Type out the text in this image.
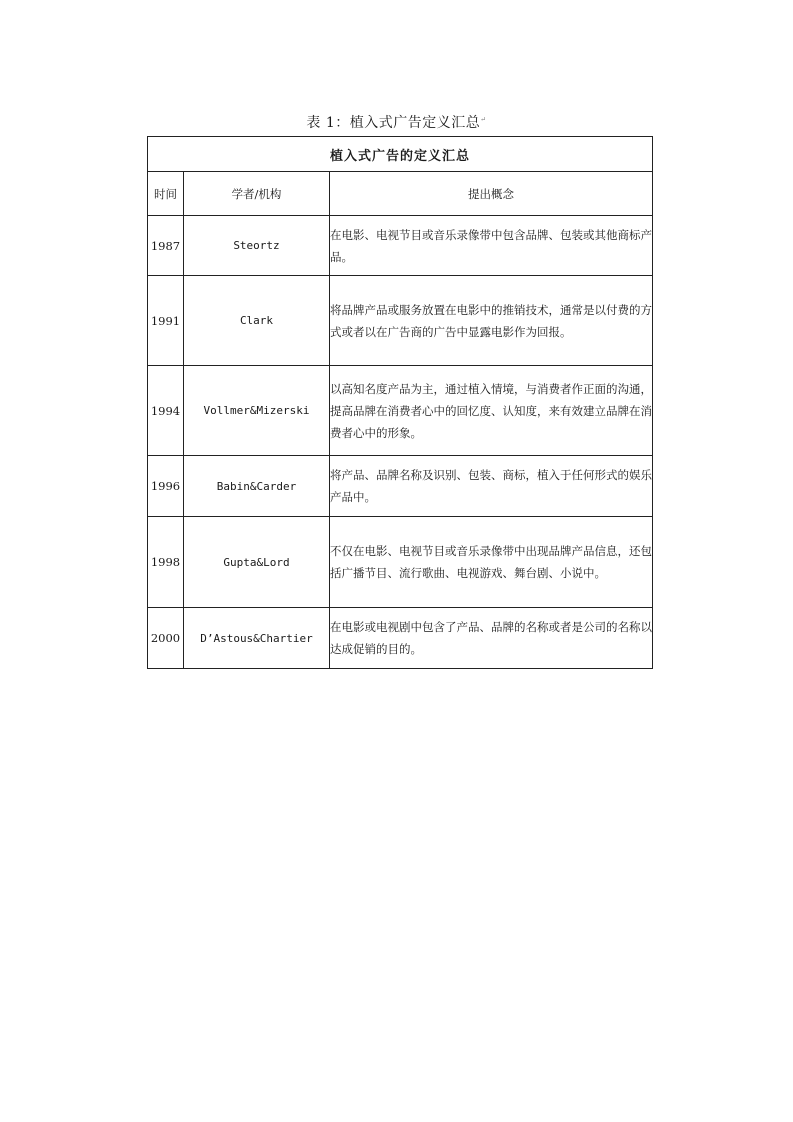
表 1：植入式广告定义汇总↵
植入式广告的定义汇总		
时间	学者/机构	提出概念
1987	Steortz	在电影、电视节目或音乐录像带中包含品牌、包装或其他商标产品。
1991	Clark	将品牌产品或服务放置在电影中的推销技术，通常是以付费的方式或者以在广告商的广告中显露电影作为回报。
1994	Vollmer&Mizerski	以高知名度产品为主，通过植入情境，与消费者作正面的沟通，提高品牌在消费者心中的回忆度、认知度，来有效建立品牌在消费者心中的形象。
1996	Babin&Carder	将产品、品牌名称及识别、包装、商标，植入于任何形式的娱乐产品中。
1998	Gupta&Lord	不仅在电影、电视节目或音乐录像带中出现品牌产品信息，还包括广播节目、流行歌曲、电视游戏、舞台剧、小说中。
2000	D’Astous&Chartier	在电影或电视剧中包含了产品、品牌的名称或者是公司的名称以达成促销的目的。
